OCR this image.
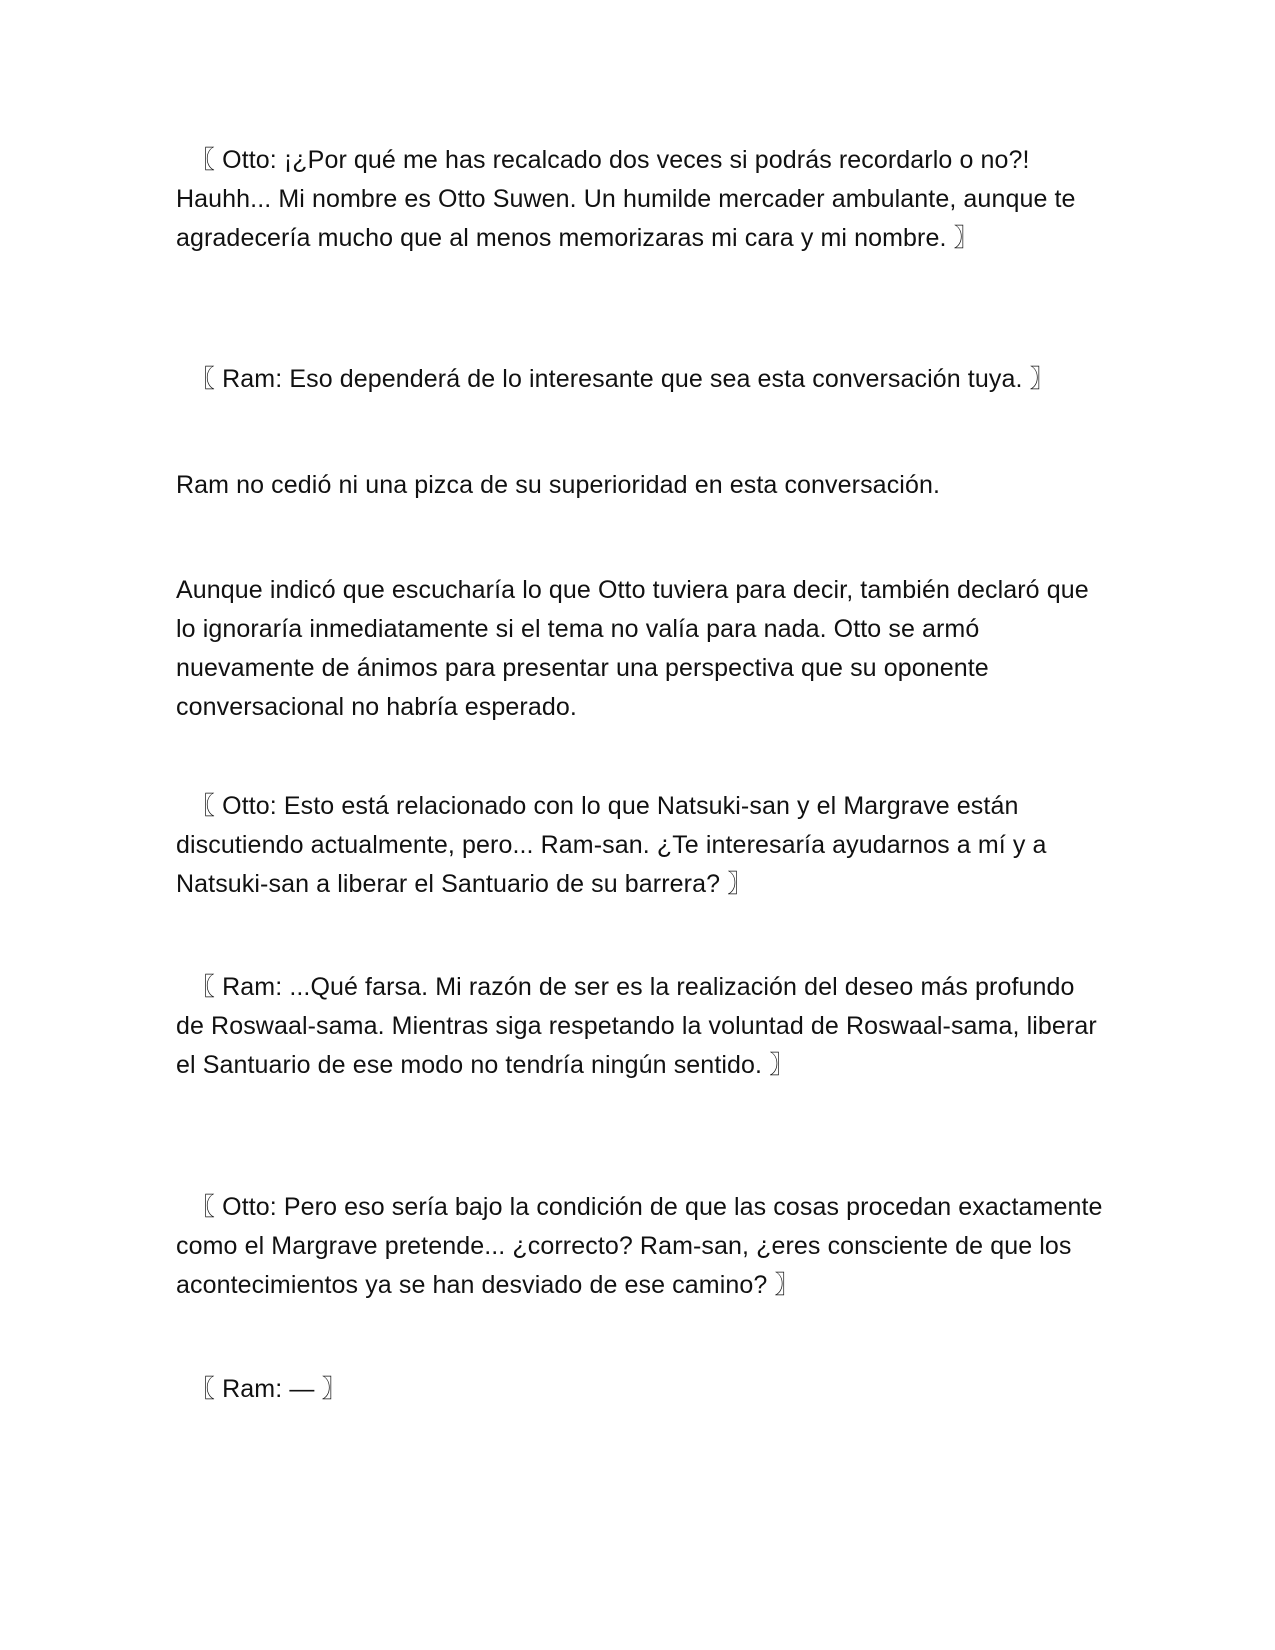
〖 Otto: ¡¿Por qué me has recalcado dos veces si podrás recordarlo o no?! Hauhh... Mi nombre es Otto Suwen. Un humilde mercader ambulante, aunque te agradecería mucho que al menos memorizaras mi cara y mi nombre. 〗

〖 Ram: Eso dependerá de lo interesante que sea esta conversación tuya. 〗

Ram no cedió ni una pizca de su superioridad en esta conversación.

Aunque indicó que escucharía lo que Otto tuviera para decir, también declaró que lo ignoraría inmediatamente si el tema no valía para nada. Otto se armó nuevamente de ánimos para presentar una perspectiva que su oponente conversacional no habría esperado.

〖 Otto: Esto está relacionado con lo que Natsuki-san y el Margrave están discutiendo actualmente, pero... Ram-san. ¿Te interesaría ayudarnos a mí y a Natsuki-san a liberar el Santuario de su barrera? 〗

〖 Ram: ...Qué farsa. Mi razón de ser es la realización del deseo más profundo de Roswaal-sama. Mientras siga respetando la voluntad de Roswaal-sama, liberar el Santuario de ese modo no tendría ningún sentido. 〗

〖 Otto: Pero eso sería bajo la condición de que las cosas procedan exactamente como el Margrave pretende... ¿correcto? Ram-san, ¿eres consciente de que los acontecimientos ya se han desviado de ese camino? 〗

〖 Ram: — 〗
